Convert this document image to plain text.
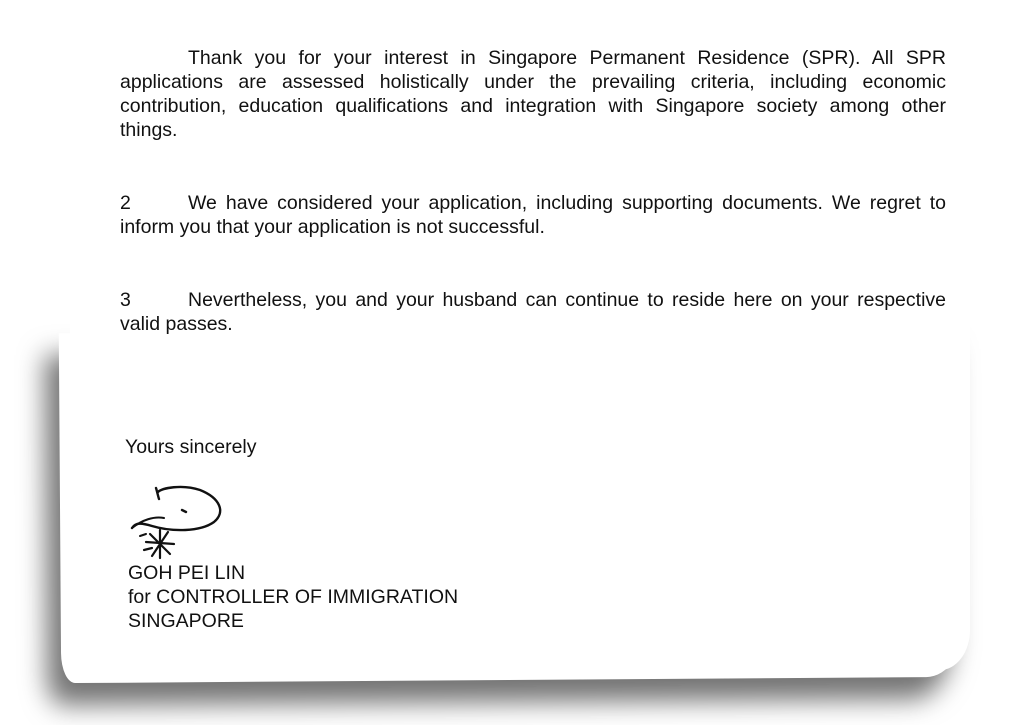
Thank you for your interest in Singapore Permanent Residence (SPR). All SPR applications are assessed holistically under the prevailing criteria, including economic contribution, education qualifications and integration with Singapore society among other things.

2	We have considered your application, including supporting documents. We regret to inform you that your application is not successful.

3	Nevertheless, you and your husband can continue to reside here on your respective valid passes.

Yours sincerely
GOH PEI LIN
for CONTROLLER OF IMMIGRATION
SINGAPORE
